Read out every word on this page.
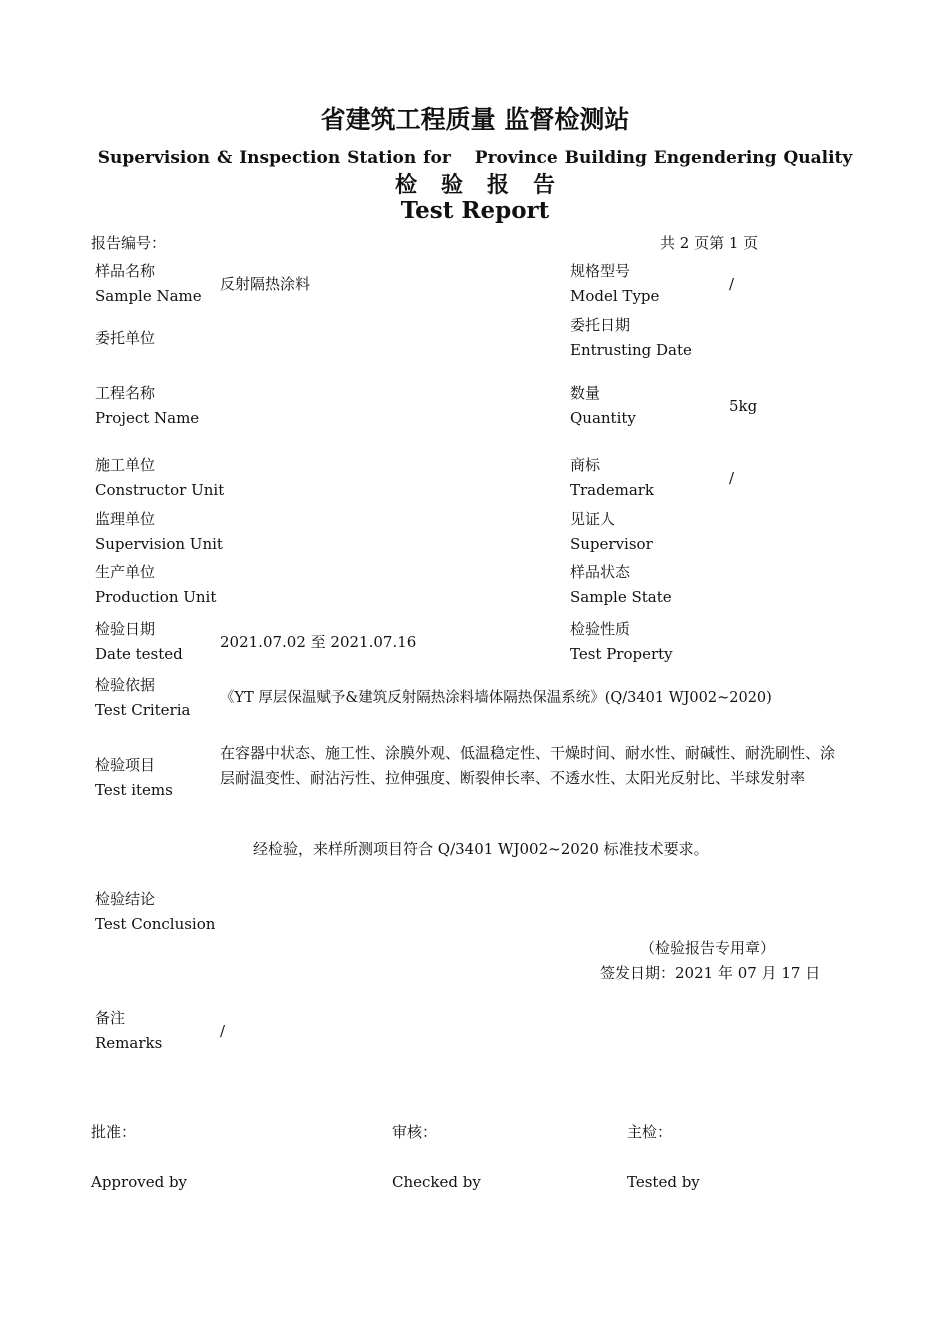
省建筑工程质量 监督检测站
Supervision & Inspection Station for Province Building Engendering Quality
检验报告
Test Report
报告编号：	共 2 页第 1 页
样品名称
Sample Name
反射隔热涂料
规格型号
Model Type
/
委托单位
委托日期
Entrusting Date
工程名称
Project Name
数量
Quantity
5kg
施工单位
Constructor Unit
商标
Trademark
/
监理单位
Supervision Unit
见证人
Supervisor
生产单位
Production Unit
样品状态
Sample State
检验日期
Date tested
2021.07.02 至 2021.07.16
检验性质
Test Property
检验依据
Test Criteria
《YT 厚层保温赋予&建筑反射隔热涂料墙体隔热保温系统》(Q/3401 WJ002~2020)
检验项目
Test items
在容器中状态、施工性、涂膜外观、低温稳定性、干燥时间、耐水性、耐碱性、耐洗刷性、涂层耐温变性、耐沾污性、拉伸强度、断裂伸长率、不透水性、太阳光反射比、半球发射率
经检验，来样所测项目符合 Q/3401 WJ002~2020 标准技术要求。
检验结论
Test Conclusion
（检验报告专用章）
签发日期：2021 年 07 月 17 日
备注
Remarks
/
批准：
Approved by
审核：
Checked by
主检：
Tested by
